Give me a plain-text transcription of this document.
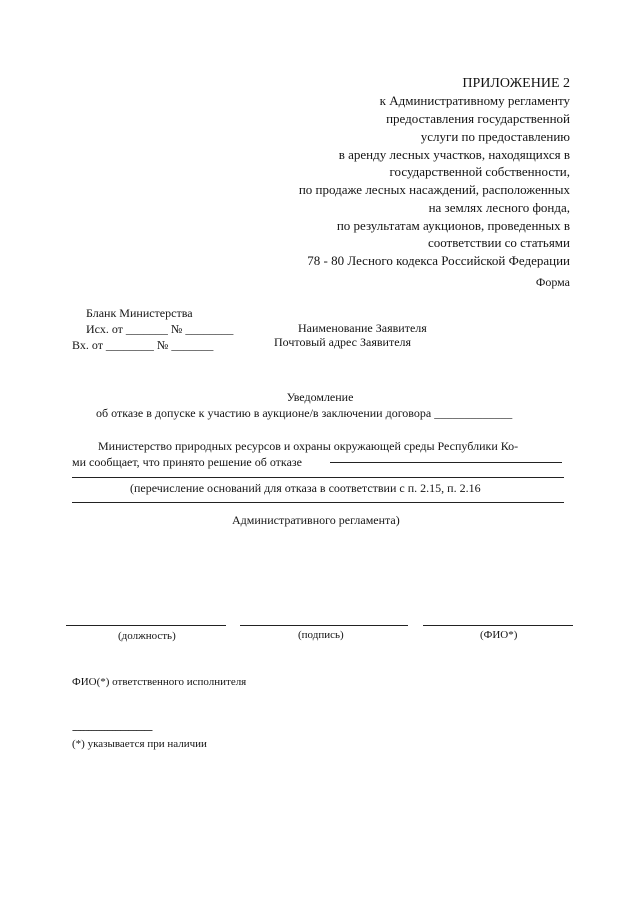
ПРИЛОЖЕНИЕ 2
к Административному регламенту
предоставления государственной
услуги по предоставлению
в аренду лесных участков, находящихся в
государственной собственности,
по продаже лесных насаждений, расположенных
на землях лесного фонда,
по результатам аукционов, проведенных в
соответствии со статьями
78 - 80 Лесного кодекса Российской Федерации
Форма
Бланк Министерства
Исх. от _______ № ________
Вх. от ________ № _______
Наименование Заявителя
Почтовый адрес Заявителя
Уведомление
об отказе в допуске к участию в аукционе/в заключении договора _____________
Министерство природных ресурсов и охраны окружающей среды Республики Ко-
ми сообщает, что принято решение об отказе
(перечисление оснований для отказа в соответствии с п. 2.15, п. 2.16
Административного регламента)
(должность)	(подпись)	(ФИО*)
ФИО(*) ответственного исполнителя
------------------------------
(*) указывается при наличии
